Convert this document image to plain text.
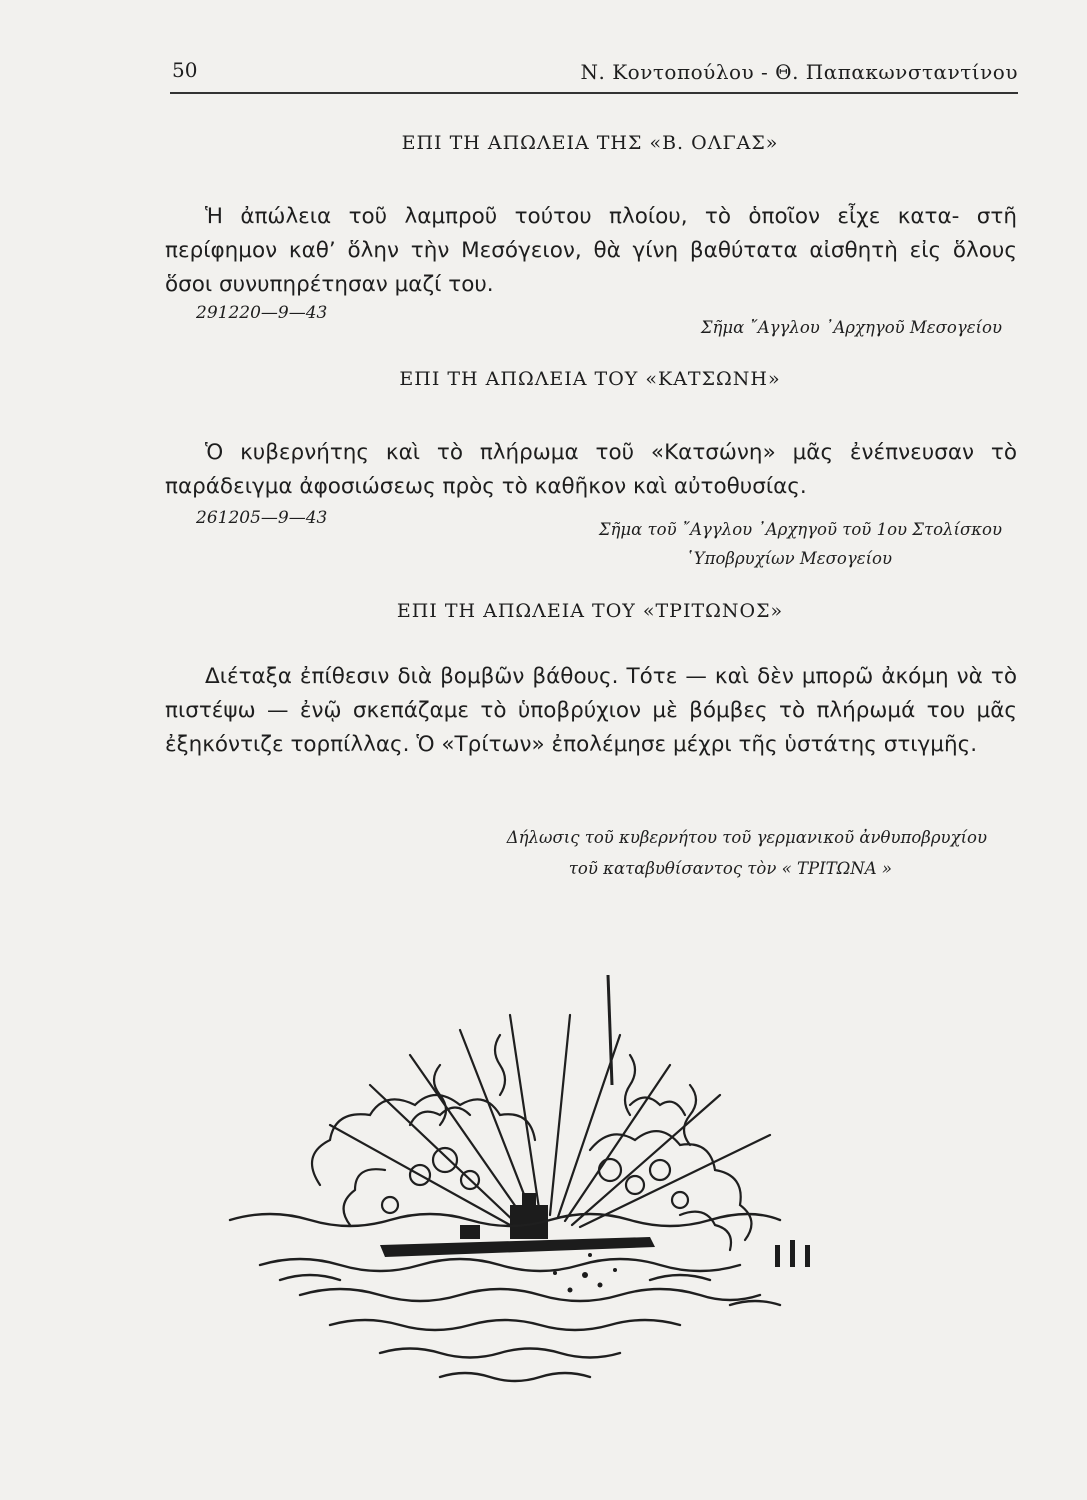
50	Ν. Κοντοπούλου - Θ. Παπακωνσταντίνου
ΕΠΙ ΤΗ ΑΠΩΛΕΙΑ ΤΗΣ «Β. ΟΛΓΑΣ»

Ἡ ἀπώλεια τοῦ λαμπροῦ τούτου πλοίου, τὸ ὁποῖον εἶχε κατα- στῆ περίφημον καθ’ ὅλην τὴν Μεσόγειον, θὰ γίνη βαθύτατα αἰσθητὴ εἰς ὅλους ὅσοι συνυπηρέτησαν μαζί του.

291220—9—43
Σῆμα ῎Αγγλου ᾿Αρχηγοῦ Μεσογείου
ΕΠΙ ΤΗ ΑΠΩΛΕΙΑ ΤΟΥ «ΚΑΤΣΩΝΗ»

Ὁ κυβερνήτης καὶ τὸ πλήρωμα τοῦ «Κατσώνη» μᾶς ἐνέπνευσαν τὸ παράδειγμα ἀφοσιώσεως πρὸς τὸ καθῆκον καὶ αὐτοθυσίας.

261205—9—43
Σῆμα τοῦ ῎Αγγλου ᾿Αρχηγοῦ τοῦ 1ου Στολίσκου
῾Υποβρυχίων Μεσογείου
ΕΠΙ ΤΗ ΑΠΩΛΕΙΑ ΤΟΥ «ΤΡΙΤΩΝΟΣ»

Διέταξα ἐπίθεσιν διὰ βομβῶν βάθους. Τότε — καὶ δὲν μπορῶ ἀκόμη νὰ τὸ πιστέψω — ἐνῷ σκεπάζαμε τὸ ὑποβρύχιον μὲ βόμβες τὸ πλήρωμά του μᾶς ἐξηκόντιζε τορπίλλας. Ὁ «Τρίτων» ἐπολέμησε μέχρι τῆς ὑστάτης στιγμῆς.

Δήλωσις τοῦ κυβερνήτου τοῦ γερμανικοῦ ἀνθυποβρυχίου
τοῦ καταβυθίσαντος τὸν « ΤΡΙΤΩΝΑ »
